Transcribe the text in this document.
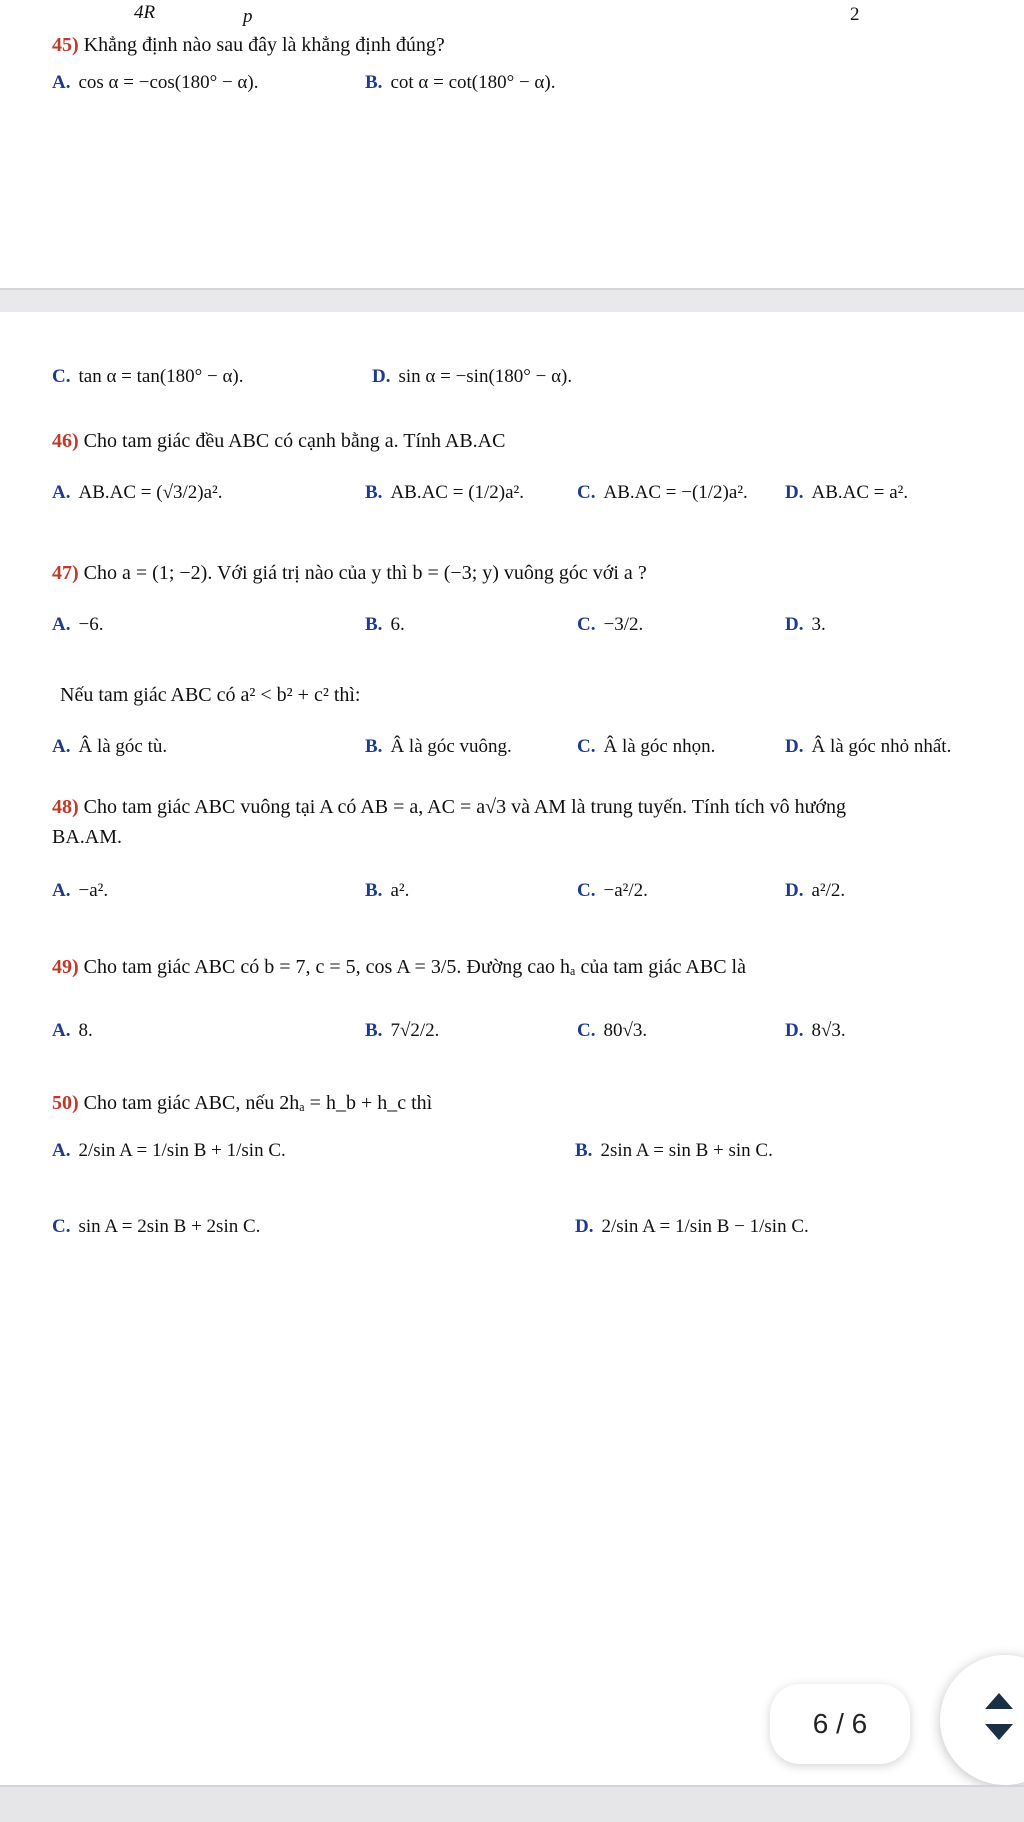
4R	p	2
45) Khẳng định nào sau đây là khẳng định đúng?
A. cos α = −cos(180° − α).	B. cot α = cot(180° − α).
C. tan α = tan(180° − α).	D. sin α = −sin(180° − α).
46) Cho tam giác đều ABC có cạnh bằng a. Tính AB.AC
A. AB.AC = (√3/2)a².	B. AB.AC = (1/2)a².	C. AB.AC = −(1/2)a². D. AB.AC = a².
47) Cho a = (1; −2). Với giá trị nào của y thì b = (−3; y) vuông góc với a ?
A. −6.	B. 6.	C. −3/2.	D. 3.
Nếu tam giác ABC có a² < b² + c² thì:
A. Â là góc tù.	B. Â là góc vuông.	C. Â là góc nhọn.	D. Â là góc nhỏ nhất.
48) Cho tam giác ABC vuông tại A có AB = a, AC = a√3 và AM là trung tuyến. Tính tích vô hướng
BA.AM.
A. −a².	B. a².	C. −a²/2.	D. a²/2.
49) Cho tam giác ABC có b = 7, c = 5, cos A = 3/5. Đường cao hₐ của tam giác ABC là
A. 8.	B. 7√2/2.	C. 80√3.	D. 8√3.
50) Cho tam giác ABC, nếu 2hₐ = h_b + h_c thì
A. 2/sin A = 1/sin B + 1/sin C.	B. 2sin A = sin B + sin C.
C. sin A = 2sin B + 2sin C.	D. 2/sin A = 1/sin B − 1/sin C.
6 / 6
